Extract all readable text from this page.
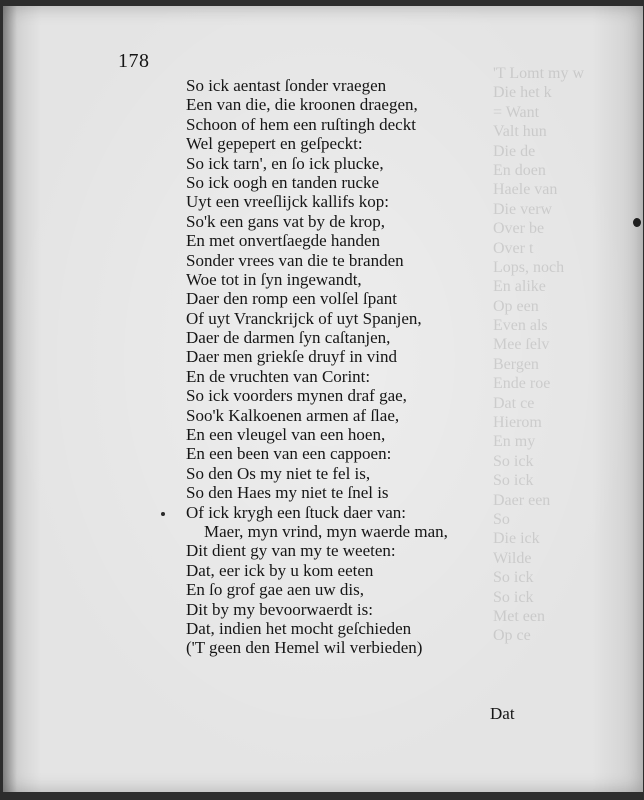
'T Lomt my w
Die het k
= Want
Valt hun
Die de
En doen
Haele van
Die verw
Over be
Over t
Lops, noch
En alike
Op een
Even als
Mee ſelv
Bergen
Ende roe
Dat ce
Hierom
En my
So ick
So ick
Daer een
So
Die ick
Wilde
So ick
So ick
Met een
Op ce
178
So ick aentast ſonder vraegen
Een van die, die kroonen draegen,
Schoon of hem een ruſtingh deckt
Wel gepepert en geſpeckt:
So ick tarn', en ſo ick plucke,
So ick oogh en tanden rucke
Uyt een vreeſlijck kallifs kop:
So'k een gans vat by de krop,
En met onvertſaegde handen
Sonder vrees van die te branden
Woe tot in ſyn ingewandt,
Daer den romp een volſel ſpant
Of uyt Vranckrijck of uyt Spanjen,
Daer de darmen ſyn caſtanjen,
Daer men griekſe druyf in vind
En de vruchten van Corint:
So ick voorders mynen draf gae,
Soo'k Kalkoenen armen af ſlae,
En een vleugel van een hoen,
En een been van een cappoen:
So den Os my niet te fel is,
So den Haes my niet te ſnel is
Of ick krygh een ſtuck daer van:
Maer, myn vrind, myn waerde man,
Dit dient gy van my te weeten:
Dat, eer ick by u kom eeten
En ſo grof gae aen uw dis,
Dit by my bevoorwaerdt is:
Dat, indien het mocht geſchieden
('T geen den Hemel wil verbieden)
Dat
